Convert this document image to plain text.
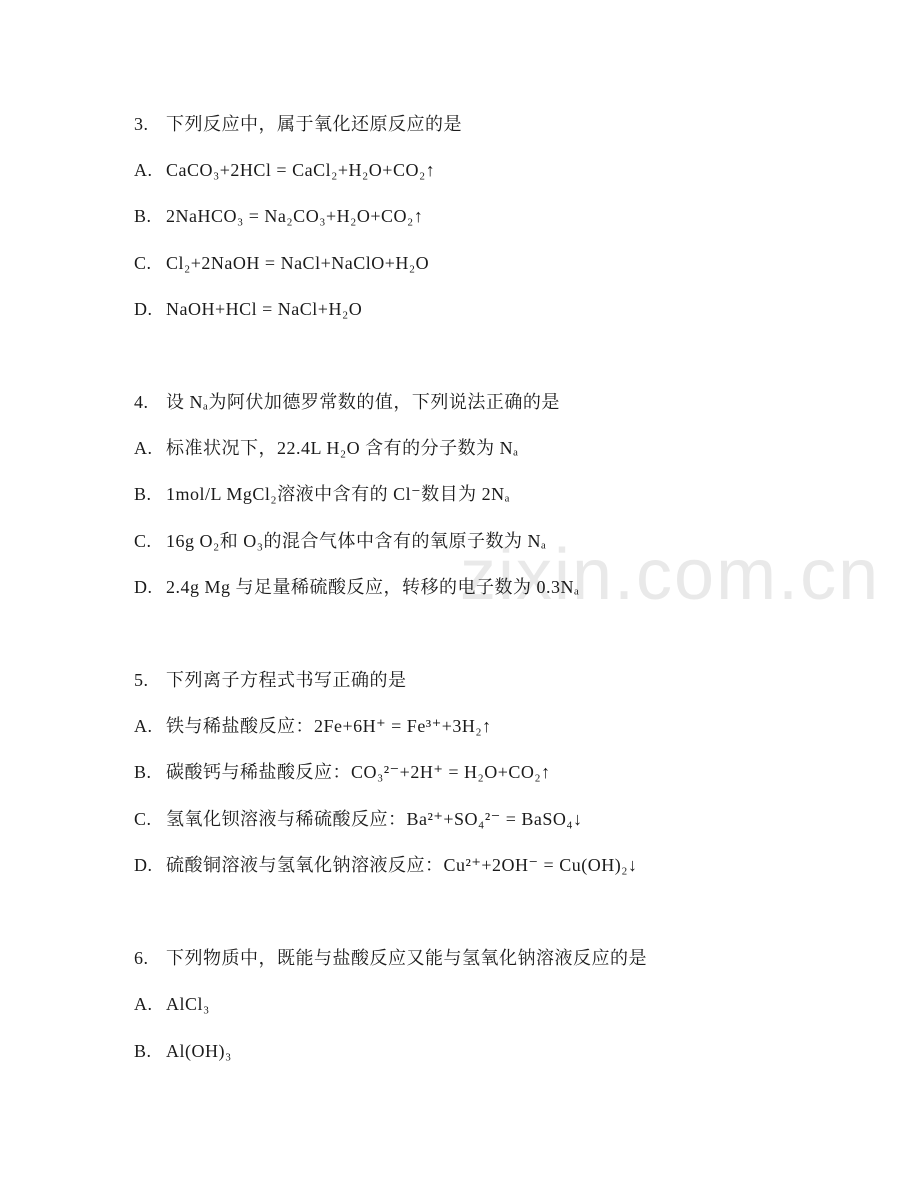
zixin.com.cn
3. 下列反应中，属于氧化还原反应的是
A. CaCO₃+2HCl = CaCl₂+H₂O+CO₂↑
B. 2NaHCO₃ = Na₂CO₃+H₂O+CO₂↑
C. Cl₂+2NaOH = NaCl+NaClO+H₂O
D. NaOH+HCl = NaCl+H₂O
4. 设 Nₐ为阿伏加德罗常数的值，下列说法正确的是
A. 标准状况下，22.4L H₂O 含有的分子数为 Nₐ
B. 1mol/L MgCl₂溶液中含有的 Cl⁻数目为 2Nₐ
C. 16g O₂和 O₃的混合气体中含有的氧原子数为 Nₐ
D. 2.4g Mg 与足量稀硫酸反应，转移的电子数为 0.3Nₐ
5. 下列离子方程式书写正确的是
A. 铁与稀盐酸反应：2Fe+6H⁺ = Fe³⁺+3H₂↑
B. 碳酸钙与稀盐酸反应：CO₃²⁻+2H⁺ = H₂O+CO₂↑
C. 氢氧化钡溶液与稀硫酸反应：Ba²⁺+SO₄²⁻ = BaSO₄↓
D. 硫酸铜溶液与氢氧化钠溶液反应：Cu²⁺+2OH⁻ = Cu(OH)₂↓
6. 下列物质中，既能与盐酸反应又能与氢氧化钠溶液反应的是
A. AlCl₃
B. Al(OH)₃
